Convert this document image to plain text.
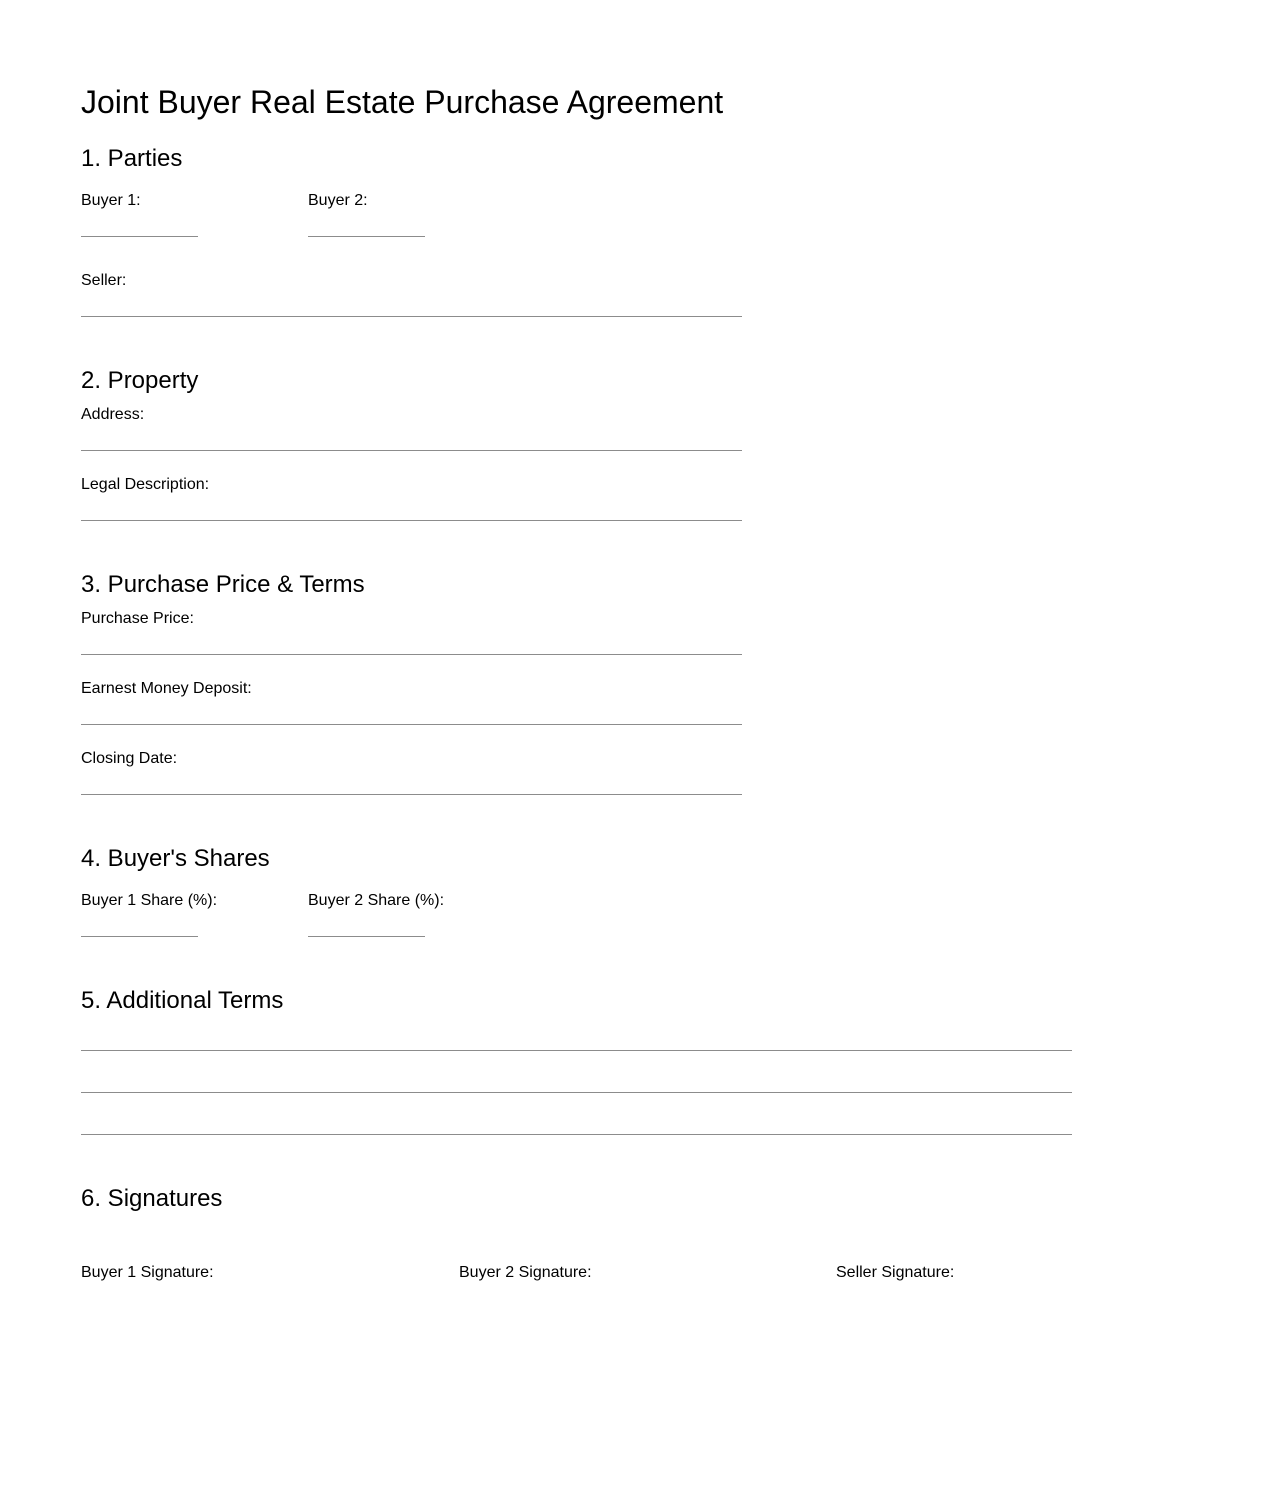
Joint Buyer Real Estate Purchase Agreement
1. Parties
Buyer 1:	Buyer 2:
Seller:
2. Property
Address:
Legal Description:
3. Purchase Price & Terms
Purchase Price:
Earnest Money Deposit:
Closing Date:
4. Buyer's Shares
Buyer 1 Share (%):	Buyer 2 Share (%):
5. Additional Terms
6. Signatures
Buyer 1 Signature:	Buyer 2 Signature:	Seller Signature:
